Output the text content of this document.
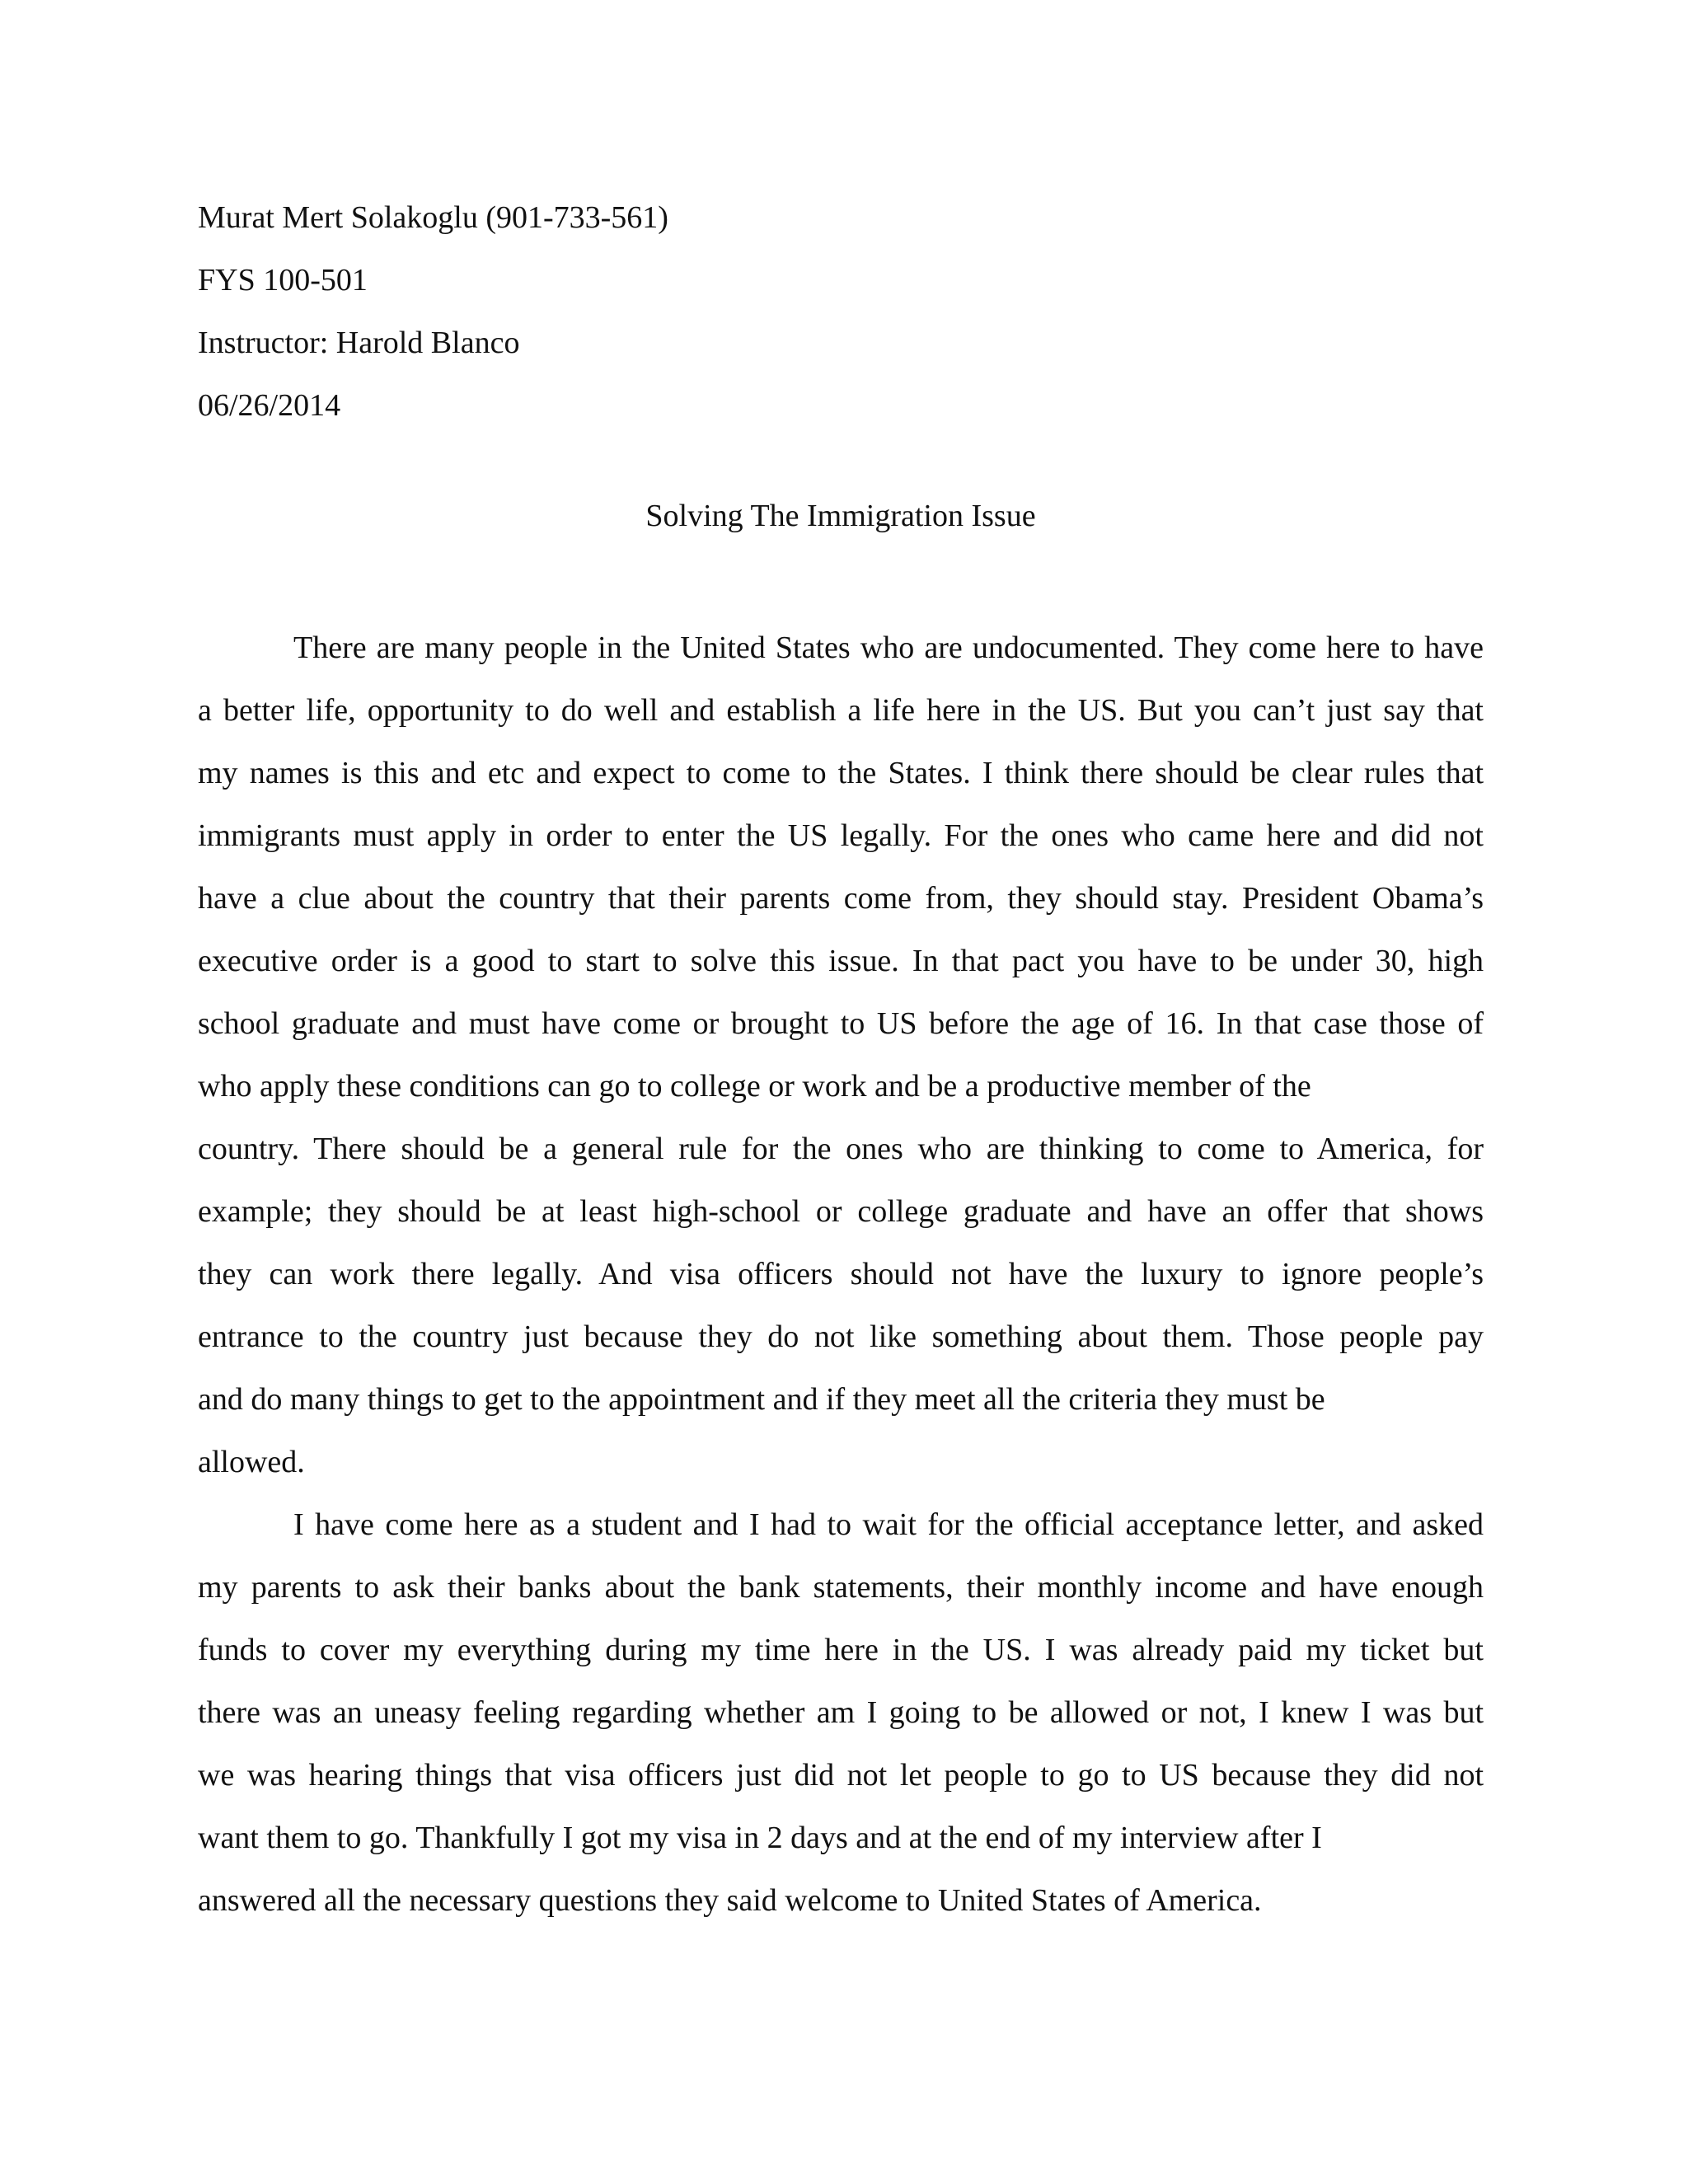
Murat Mert Solakoglu (901-733-561)
FYS 100-501
Instructor: Harold Blanco
06/26/2014
Solving The Immigration Issue
There are many people in the United States who are undocumented. They come here to have
a better life, opportunity to do well and establish a life here in the US. But you can’t just say that
my names is this and etc and expect to come to the States. I think there should be clear rules that
immigrants must apply in order to enter the US legally. For the ones who came here and did not
have a clue about the country that their parents come from, they should stay. President Obama’s
executive order is a good to start to solve this issue. In that pact you have to be under 30, high
school graduate and must have come or brought to US before the age of 16. In that case those of
who apply these conditions can go to college or work and be a productive member of the
country. There should be a general rule for the ones who are thinking to come to America, for
example; they should be at least high-school or college graduate and have an offer that shows
they can work there legally. And visa officers should not have the luxury to ignore people’s
entrance to the country just because they do not like something about them. Those people pay
and do many things to get to the appointment and if they meet all the criteria they must be
allowed.
I have come here as a student and I had to wait for the official acceptance letter, and asked
my parents to ask their banks about the bank statements, their monthly income and have enough
funds to cover my everything during my time here in the US. I was already paid my ticket but
there was an uneasy feeling regarding whether am I going to be allowed or not, I knew I was but
we was hearing things that visa officers just did not let people to go to US because they did not
want them to go. Thankfully I got my visa in 2 days and at the end of my interview after I
answered all the necessary questions they said welcome to United States of America.
